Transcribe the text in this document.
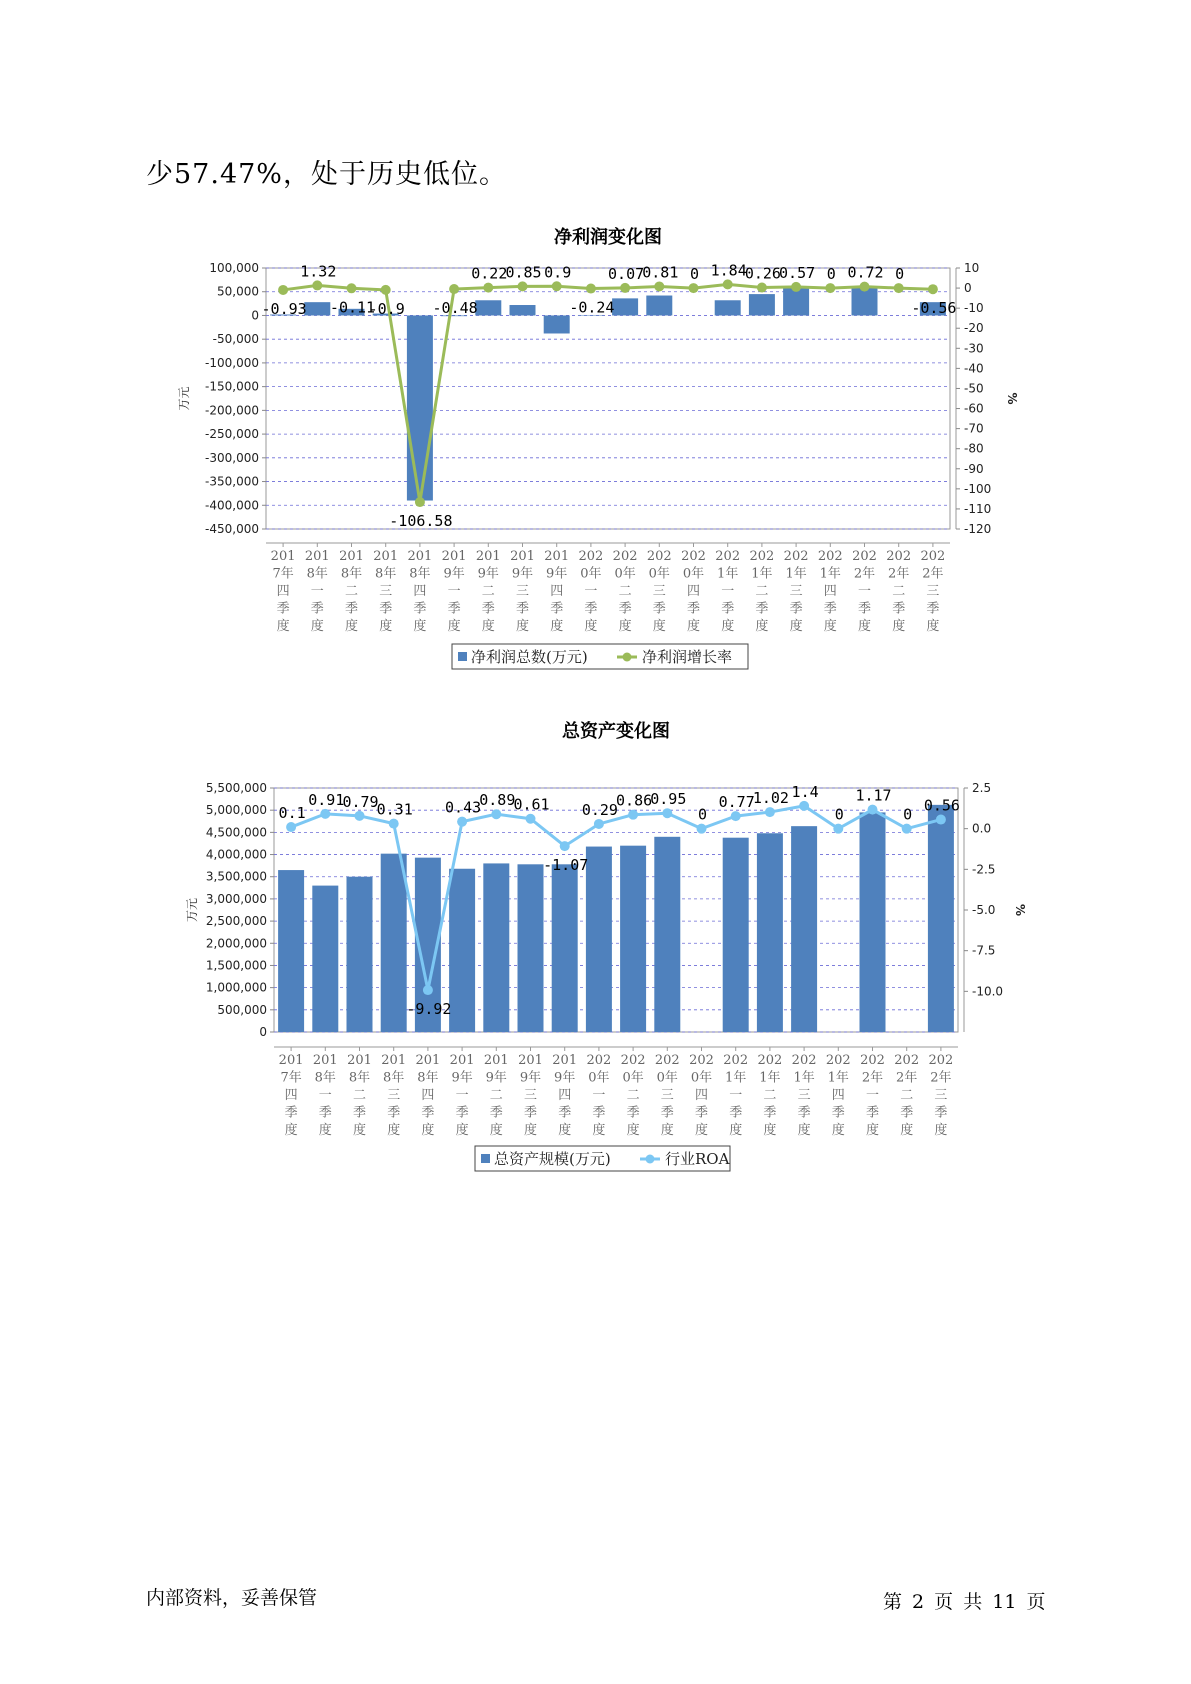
少57.47%，处于历史低位。
净利润变化图
100,000
50,000
0
-50,000
-100,000
-150,000
-200,000
-250,000
-300,000
-350,000
-400,000
-450,000
10
0
-10
-20
-30
-40
-50
-60
-70
-80
-90
-100
-110
-120
万元	%
-0.93
1.32
-0.11
-0.9
-106.58
-0.48
0.22
0.85 0.9
-0.24
0.07
0.81 0 1.84
0.26
0.57 0 0.72 0
-0.56
201
7年
四
季
度
201
8年
一
季
度
201
8年
二
季
度
201
8年
三
季
度
201
8年
四
季
度
201
9年
一
季
度
201
9年
二
季
度
201
9年
三
季
度
201
9年
四
季
度
202
0年
一
季
度
202
0年
二
季
度
202
0年
三
季
度
202
0年
四
季
度
202
1年
一
季
度
202
1年
二
季
度
202
1年
三
季
度
202
1年
四
季
度
202
2年
一
季
度
202
2年
二
季
度
202
2年
三
季
度
净利润总数(万元)	净利润增长率
总资产变化图
5,500,000
5,000,000
4,500,000
4,000,000
3,500,000
3,000,000
2,500,000
2,000,000
1,500,000
1,000,000
500,000
0
2.5
0.0
-2.5
-5.0
-7.5
-10.0
万元	%
0.1
0.91
0.79
0.31
-9.92
0.43
0.89
0.61
-1.07
0.29
0.86
0.95
0
0.77
1.02 1.4
0
1.17
0
0.56
201
7年
四
季
度
201
8年
一
季
度
201
8年
二
季
度
201
8年
三
季
度
201
8年
四
季
度
201
9年
一
季
度
201
9年
二
季
度
201
9年
三
季
度
201
9年
四
季
度
202
0年
一
季
度
202
0年
二
季
度
202
0年
三
季
度
202
0年
四
季
度
202
1年
一
季
度
202
1年
二
季
度
202
1年
三
季
度
202
1年
四
季
度
202
2年
一
季
度
202
2年
二
季
度
202
2年
三
季
度
总资产规模(万元)	行业ROA
内部资料，妥善保管	第 2 页 共 11 页
